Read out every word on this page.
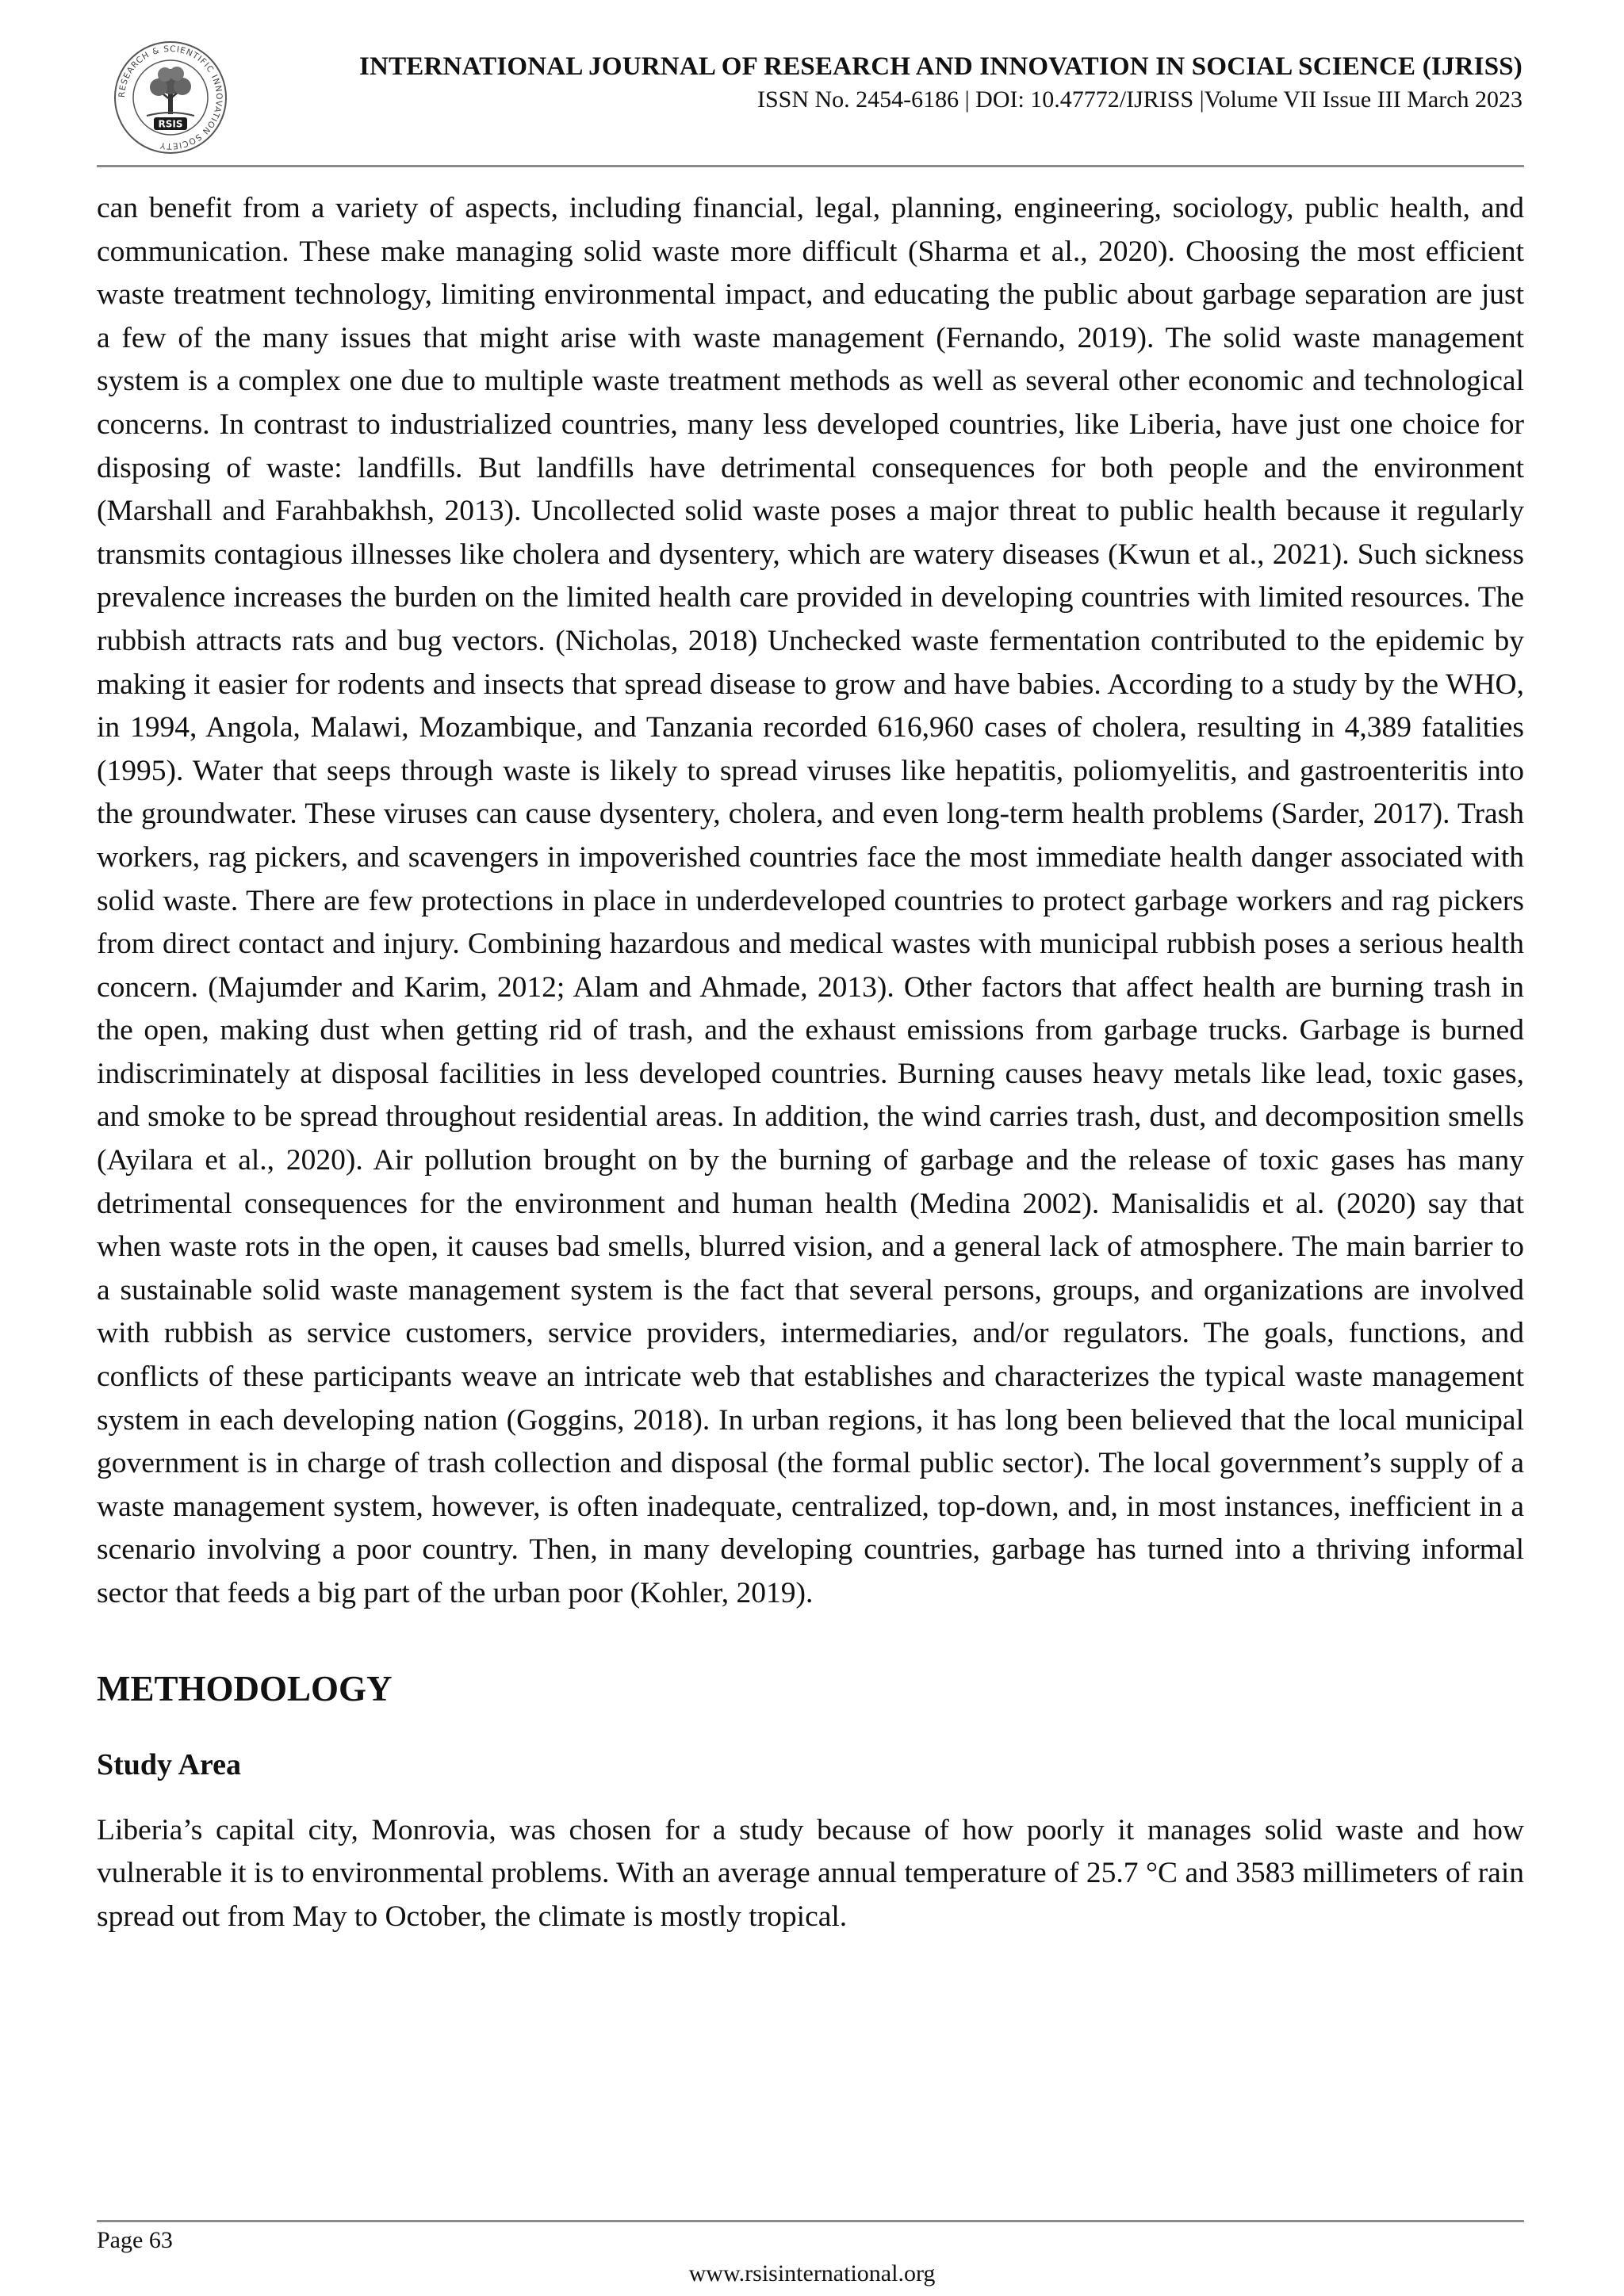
RESEARCH & SCIENTIFIC INNOVATION SOCIETY
RSIS
INTERNATIONAL JOURNAL OF RESEARCH AND INNOVATION IN SOCIAL SCIENCE (IJRISS)
ISSN No. 2454-6186 | DOI: 10.47772/IJRISS |Volume VII Issue III March 2023

can benefit from a variety of aspects, including financial, legal, planning, engineering, sociology, public health, and communication. These make managing solid waste more difficult (Sharma et al., 2020). Choosing the most efficient waste treatment technology, limiting environmental impact, and educating the public about garbage separation are just a few of the many issues that might arise with waste management (Fernando, 2019). The solid waste management system is a complex one due to multiple waste treatment methods as well as several other economic and technological concerns. In contrast to industrialized countries, many less developed countries, like Liberia, have just one choice for disposing of waste: landfills. But landfills have detrimental consequences for both people and the environment (Marshall and Farahbakhsh, 2013). Uncollected solid waste poses a major threat to public health because it regularly transmits contagious illnesses like cholera and dysentery, which are watery diseases (Kwun et al., 2021). Such sickness prevalence increases the burden on the limited health care provided in developing countries with limited resources. The rubbish attracts rats and bug vectors. (Nicholas, 2018) Unchecked waste fermentation contributed to the epidemic by making it easier for rodents and insects that spread disease to grow and have babies. According to a study by the WHO, in 1994, Angola, Malawi, Mozambique, and Tanzania recorded 616,960 cases of cholera, resulting in 4,389 fatalities (1995). Water that seeps through waste is likely to spread viruses like hepatitis, poliomyelitis, and gastroenteritis into the groundwater. These viruses can cause dysentery, cholera, and even long-term health problems (Sarder, 2017). Trash workers, rag pickers, and scavengers in impoverished countries face the most immediate health danger associated with solid waste. There are few protections in place in underdeveloped countries to protect garbage workers and rag pickers from direct contact and injury. Combining hazardous and medical wastes with municipal rubbish poses a serious health concern. (Majumder and Karim, 2012; Alam and Ahmade, 2013). Other factors that affect health are burning trash in the open, making dust when getting rid of trash, and the exhaust emissions from garbage trucks. Garbage is burned indiscriminately at disposal facilities in less developed countries. Burning causes heavy metals like lead, toxic gases, and smoke to be spread throughout residential areas. In addition, the wind carries trash, dust, and decomposition smells (Ayilara et al., 2020). Air pollution brought on by the burning of garbage and the release of toxic gases has many detrimental consequences for the environment and human health (Medina 2002). Manisalidis et al. (2020) say that when waste rots in the open, it causes bad smells, blurred vision, and a general lack of atmosphere. The main barrier to a sustainable solid waste management system is the fact that several persons, groups, and organizations are involved with rubbish as service customers, service providers, intermediaries, and/or regulators. The goals, functions, and conflicts of these participants weave an intricate web that establishes and characterizes the typical waste management system in each developing nation (Goggins, 2018). In urban regions, it has long been believed that the local municipal government is in charge of trash collection and disposal (the formal public sector). The local government’s supply of a waste management system, however, is often inadequate, centralized, top-down, and, in most instances, inefficient in a scenario involving a poor country. Then, in many developing countries, garbage has turned into a thriving informal sector that feeds a big part of the urban poor (Kohler, 2019).

METHODOLOGY
Study Area

Liberia’s capital city, Monrovia, was chosen for a study because of how poorly it manages solid waste and how vulnerable it is to environmental problems. With an average annual temperature of 25.7 °C and 3583 millimeters of rain spread out from May to October, the climate is mostly tropical.

Page 63
www.rsisinternational.org
